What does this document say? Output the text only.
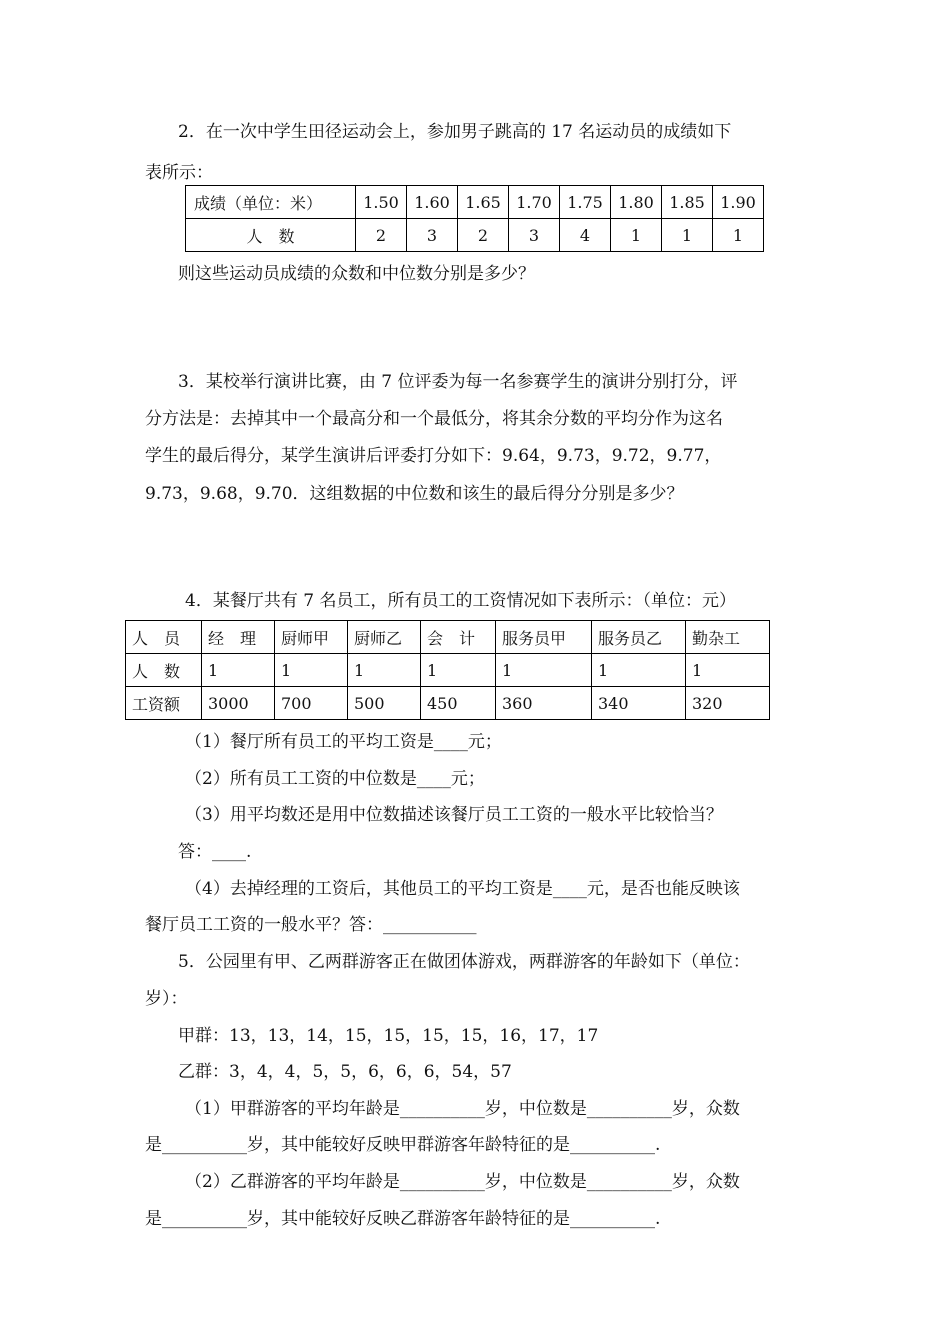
2．在一次中学生田径运动会上，参加男子跳高的 17 名运动员的成绩如下
表所示：
成绩（单位：米）	1.50	1.60	1.65	1.70	1.75	1.80	1.85	1.90
人　数	2	3	2	3	4	1	1	1
则这些运动员成绩的众数和中位数分别是多少？
3．某校举行演讲比赛，由 7 位评委为每一名参赛学生的演讲分别打分，评
分方法是：去掉其中一个最高分和一个最低分，将其余分数的平均分作为这名
学生的最后得分，某学生演讲后评委打分如下：9.64，9.73，9.72，9.77，
9.73，9.68，9.70．这组数据的中位数和该生的最后得分分别是多少？
4．某餐厅共有 7 名员工，所有员工的工资情况如下表所示：（单位：元）
人　员	经　理	厨师甲	厨师乙	会　计	服务员甲	服务员乙	勤杂工
人　数	1	1	1	1	1	1	1
工资额	3000	700	500	450	360	340	320
（1）餐厅所有员工的平均工资是____元；
（2）所有员工工资的中位数是____元；
（3）用平均数还是用中位数描述该餐厅员工工资的一般水平比较恰当？
答：____.
（4）去掉经理的工资后，其他员工的平均工资是____元，是否也能反映该
餐厅员工工资的一般水平？答：___________
5．公园里有甲、乙两群游客正在做团体游戏，两群游客的年龄如下（单位：
岁）：
甲群：13，13，14，15，15，15，15，16，17，17
乙群：3，4，4，5，5，6，6，6，54，57
（1）甲群游客的平均年龄是__________岁，中位数是__________岁，众数
是__________岁，其中能较好反映甲群游客年龄特征的是__________.
（2）乙群游客的平均年龄是__________岁，中位数是__________岁，众数
是__________岁，其中能较好反映乙群游客年龄特征的是__________.
